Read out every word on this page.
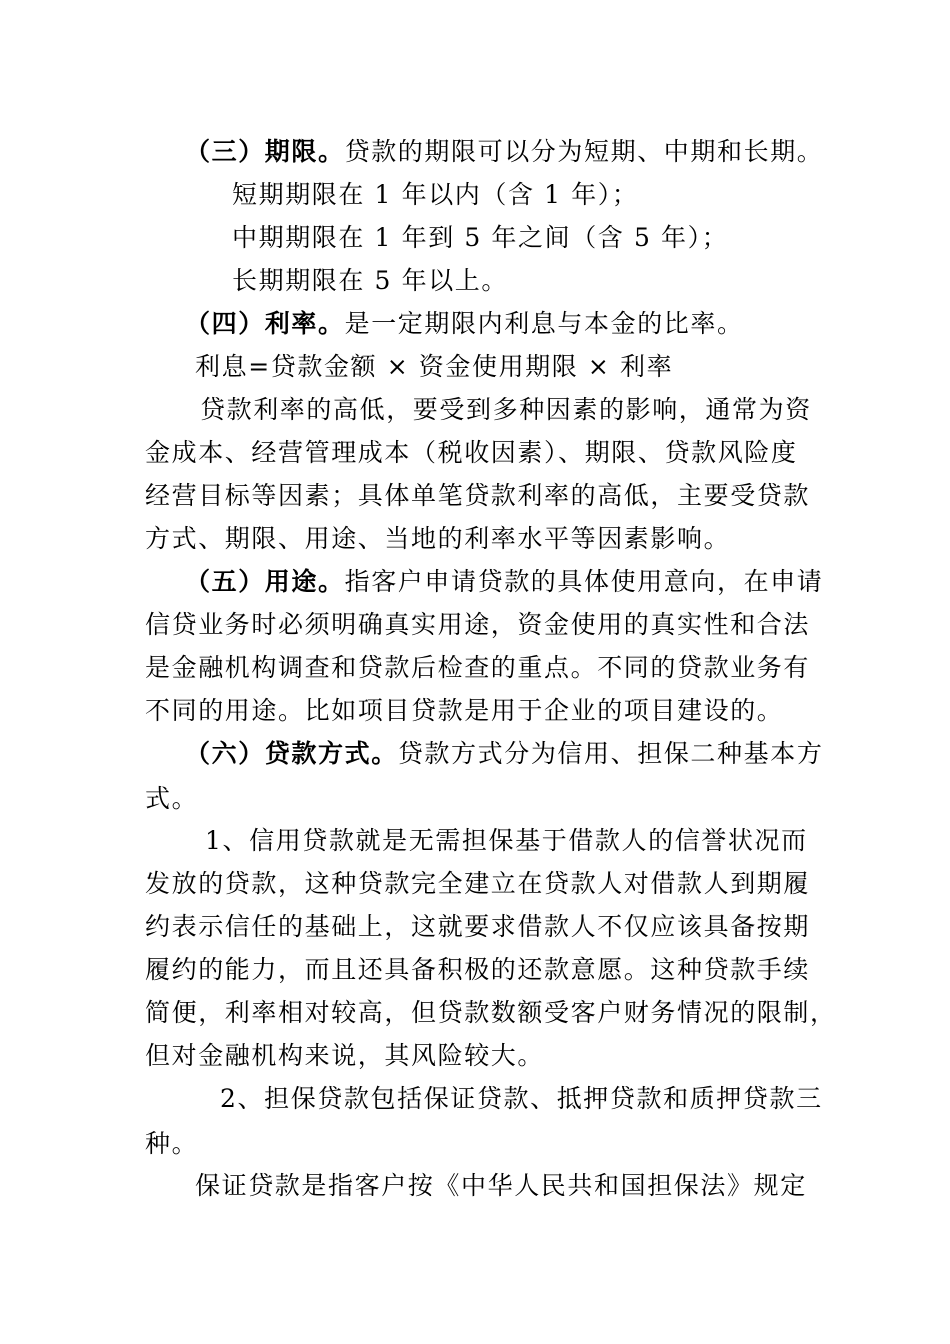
（三）期限。贷款的期限可以分为短期、中期和长期。
短期期限在 1 年以内（含 1 年）；
中期期限在 1 年到 5 年之间（含 5 年）；
长期期限在 5 年以上。
（四）利率。是一定期限内利息与本金的比率。
利息=贷款金额 × 资金使用期限 × 利率
贷款利率的高低，要受到多种因素的影响，通常为资
金成本、经营管理成本（税收因素）、期限、贷款风险度
经营目标等因素；具体单笔贷款利率的高低，主要受贷款
方式、期限、用途、当地的利率水平等因素影响。
（五）用途。指客户申请贷款的具体使用意向，在申请
信贷业务时必须明确真实用途，资金使用的真实性和合法
是金融机构调查和贷款后检查的重点。不同的贷款业务有
不同的用途。比如项目贷款是用于企业的项目建设的。
（六）贷款方式。贷款方式分为信用、担保二种基本方
式。
1、信用贷款就是无需担保基于借款人的信誉状况而
发放的贷款，这种贷款完全建立在贷款人对借款人到期履
约表示信任的基础上，这就要求借款人不仅应该具备按期
履约的能力，而且还具备积极的还款意愿。这种贷款手续
简便，利率相对较高，但贷款数额受客户财务情况的限制，
但对金融机构来说，其风险较大。
2、担保贷款包括保证贷款、抵押贷款和质押贷款三
种。
保证贷款是指客户按《中华人民共和国担保法》规定
